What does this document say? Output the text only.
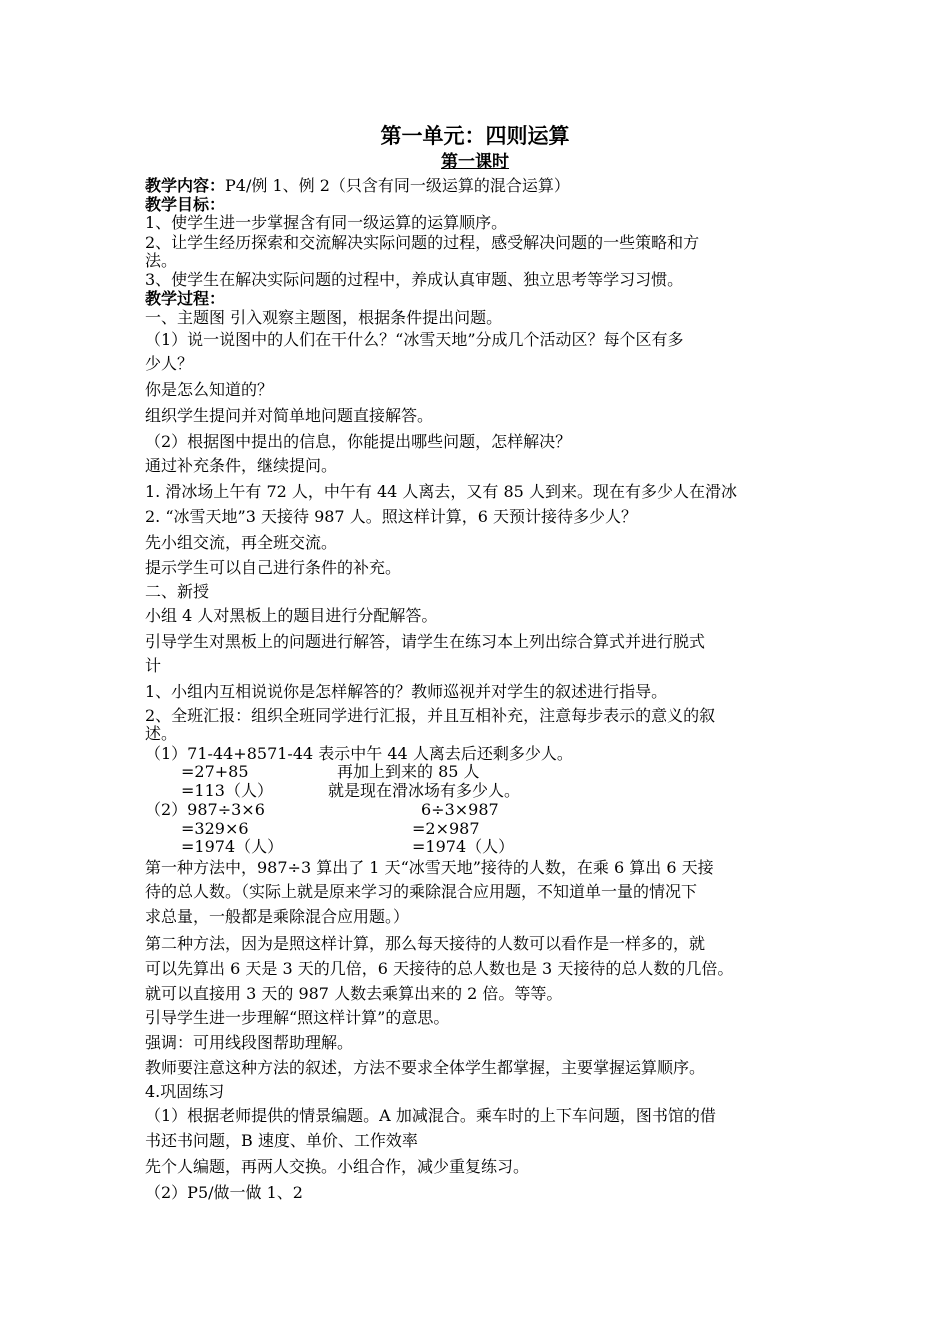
第一单元：四则运算
第一课时
教学内容：P4/例 1、例 2（只含有同一级运算的混合运算）
教学目标：
1、使学生进一步掌握含有同一级运算的运算顺序。
2、让学生经历探索和交流解决实际问题的过程，感受解决问题的一些策略和方
法。
3、使学生在解决实际问题的过程中，养成认真审题、独立思考等学习习惯。
教学过程：
一、主题图 引入观察主题图，根据条件提出问题。
（1）说一说图中的人们在干什么？“冰雪天地”分成几个活动区？每个区有多
少人？
你是怎么知道的？
组织学生提问并对简单地问题直接解答。
（2）根据图中提出的信息，你能提出哪些问题，怎样解决？
通过补充条件，继续提问。
1. 滑冰场上午有 72 人，中午有 44 人离去，又有 85 人到来。现在有多少人在滑冰
2. “冰雪天地”3 天接待 987 人。照这样计算，6 天预计接待多少人？
先小组交流，再全班交流。
提示学生可以自己进行条件的补充。
二、新授
小组 4 人对黑板上的题目进行分配解答。
引导学生对黑板上的问题进行解答，请学生在练习本上列出综合算式并进行脱式
计
1、小组内互相说说你是怎样解答的？教师巡视并对学生的叙述进行指导。
2、全班汇报：组织全班同学进行汇报，并且互相补充，注意每步表示的意义的叙
述。
（1）71-44+8571-44 表示中午 44 人离去后还剩多少人。
=27+85	再加上到来的 85 人
=113（人）	就是现在滑冰场有多少人。
（2）987÷3×6	6÷3×987
=329×6	=2×987
=1974（人）	=1974（人）
第一种方法中，987÷3 算出了 1 天“冰雪天地”接待的人数，在乘 6 算出 6 天接
待的总人数。（实际上就是原来学习的乘除混合应用题，不知道单一量的情况下
求总量，一般都是乘除混合应用题。）
第二种方法，因为是照这样计算，那么每天接待的人数可以看作是一样多的，就
可以先算出 6 天是 3 天的几倍，6 天接待的总人数也是 3 天接待的总人数的几倍。
就可以直接用 3 天的 987 人数去乘算出来的 2 倍。等等。
引导学生进一步理解“照这样计算”的意思。
强调：可用线段图帮助理解。
教师要注意这种方法的叙述，方法不要求全体学生都掌握，主要掌握运算顺序。
4.巩固练习
（1）根据老师提供的情景编题。A 加减混合。乘车时的上下车问题，图书馆的借
书还书问题，B 速度、单价、工作效率
先个人编题，再两人交换。小组合作，减少重复练习。
（2）P5/做一做 1、2
